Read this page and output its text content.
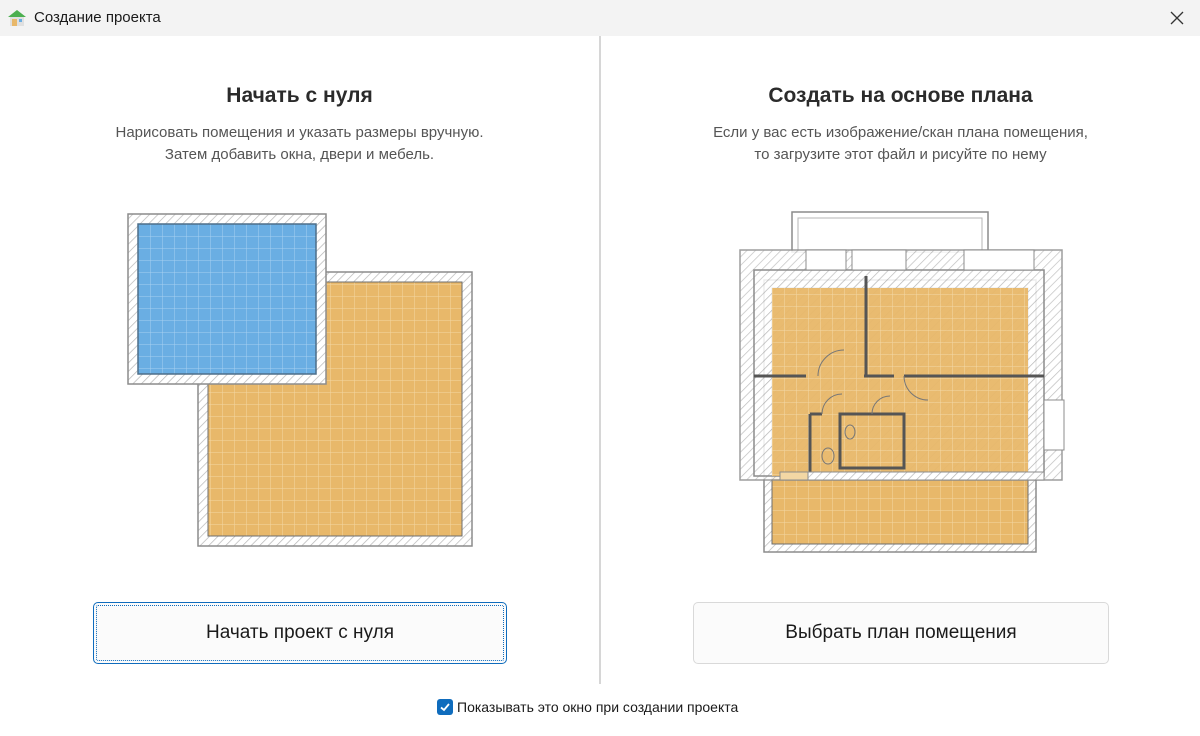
Создание проекта
Начать с нуля
Нарисовать помещения и указать размеры вручную.
Затем добавить окна, двери и мебель.
Начать проект с нуля
Создать на основе плана
Если у вас есть изображение/скан плана помещения,
то загрузите этот файл и рисуйте по нему
Выбрать план помещения
Показывать это окно при создании проекта
